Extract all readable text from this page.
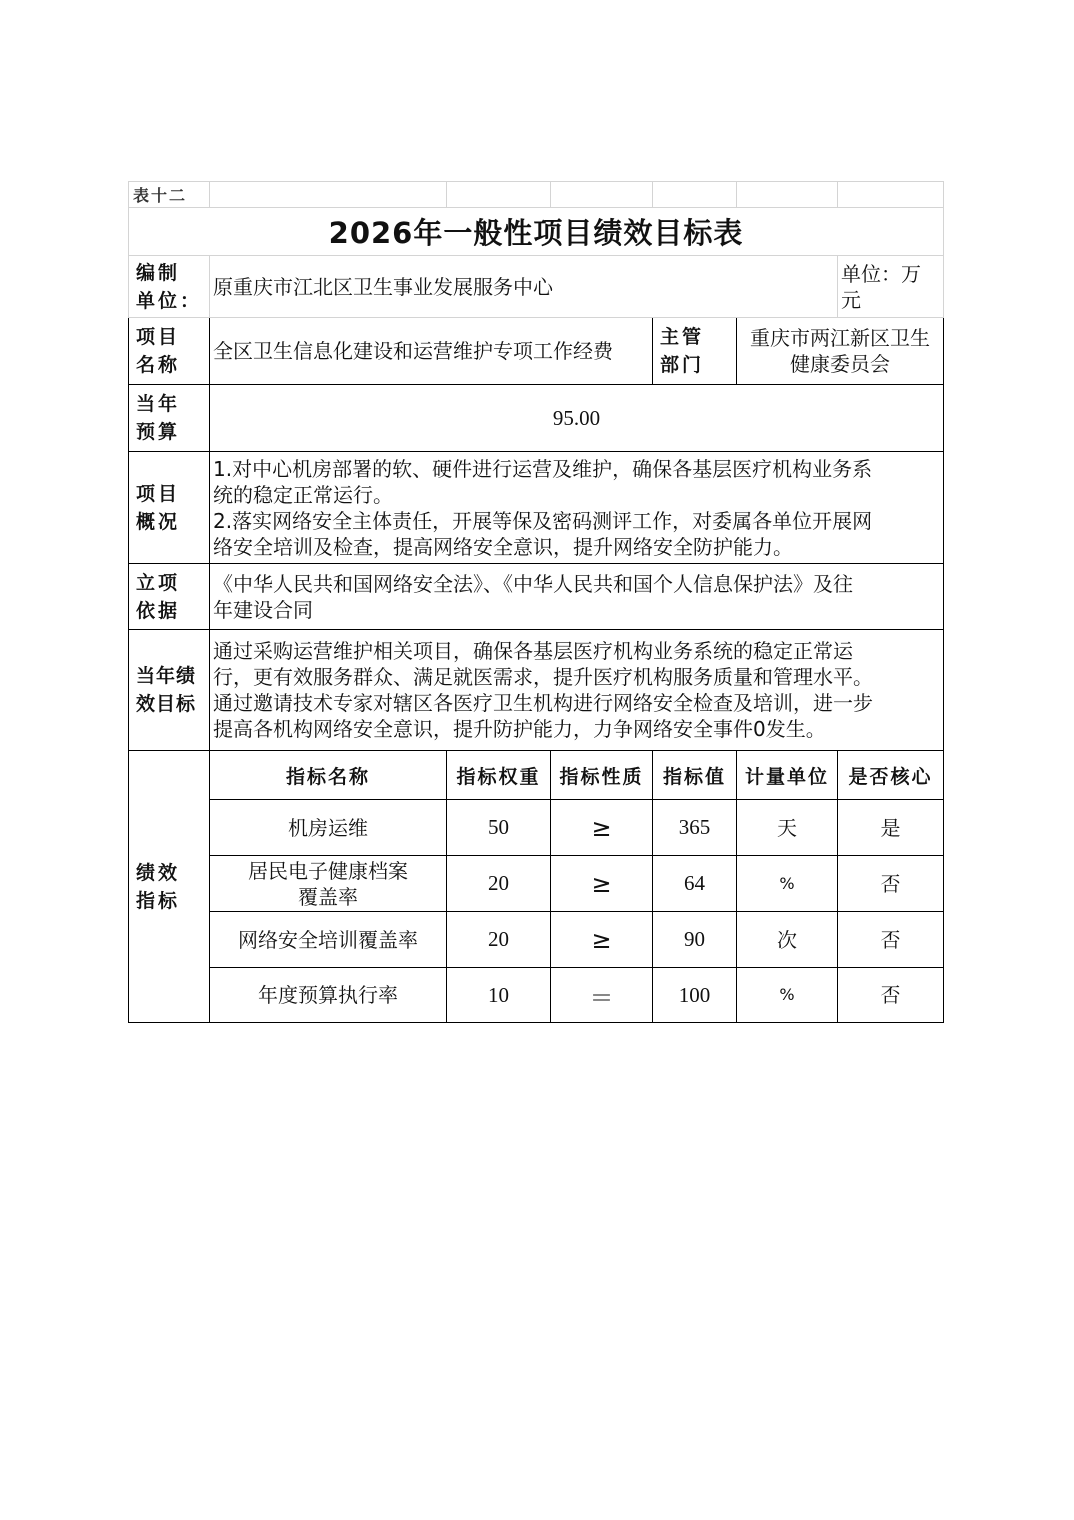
表十二						
2026年一般性项目绩效目标表						
编制
单位：	原重庆市江北区卫生事业发展服务中心					单位：万
元
项目
名称	全区卫生信息化建设和运营维护专项工作经费			主管
部门	重庆市两江新区卫生
健康委员会	
当年
预算	95.00					
项目
概况	1.对中心机房部署的软、硬件进行运营及维护，确保各基层医疗机构业务系
统的稳定正常运行。
2.落实网络安全主体责任，开展等保及密码测评工作，对委属各单位开展网
络安全培训及检查，提高网络安全意识，提升网络安全防护能力。					
立项
依据	《中华人民共和国网络安全法》、《中华人民共和国个人信息保护法》及往
年建设合同					
当年绩
效目标	通过采购运营维护相关项目，确保各基层医疗机构业务系统的稳定正常运
行，更有效服务群众、满足就医需求，提升医疗机构服务质量和管理水平。
通过邀请技术专家对辖区各医疗卫生机构进行网络安全检查及培训，进一步
提高各机构网络安全意识，提升防护能力，力争网络安全事件0发生。					
绩效
指标	指标名称	指标权重	指标性质	指标值	计量单位	是否核心
	机房运维	50	≥	365	天	是
	居民电子健康档案
覆盖率	20	≥	64	%	否
	网络安全培训覆盖率	20	≥	90	次	否
	年度预算执行率	10	＝	100	%	否
